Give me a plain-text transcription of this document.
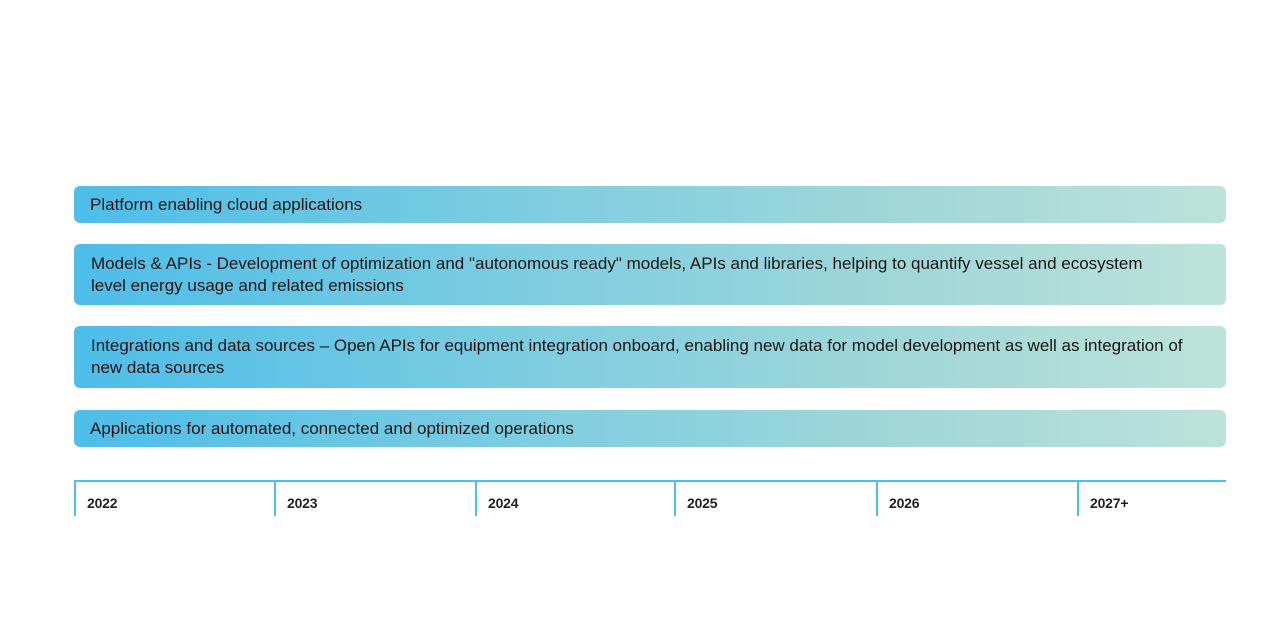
Platform enabling cloud applications
Models & APIs - Development of optimization and "autonomous ready" models, APIs and libraries, helping to quantify vessel and ecosystem level energy usage and related emissions
Integrations and data sources – Open APIs for equipment integration onboard, enabling new data for model development as well as integration of new data sources
Applications for automated, connected and optimized operations
2022	2023	2024	2025	2026	2027+
